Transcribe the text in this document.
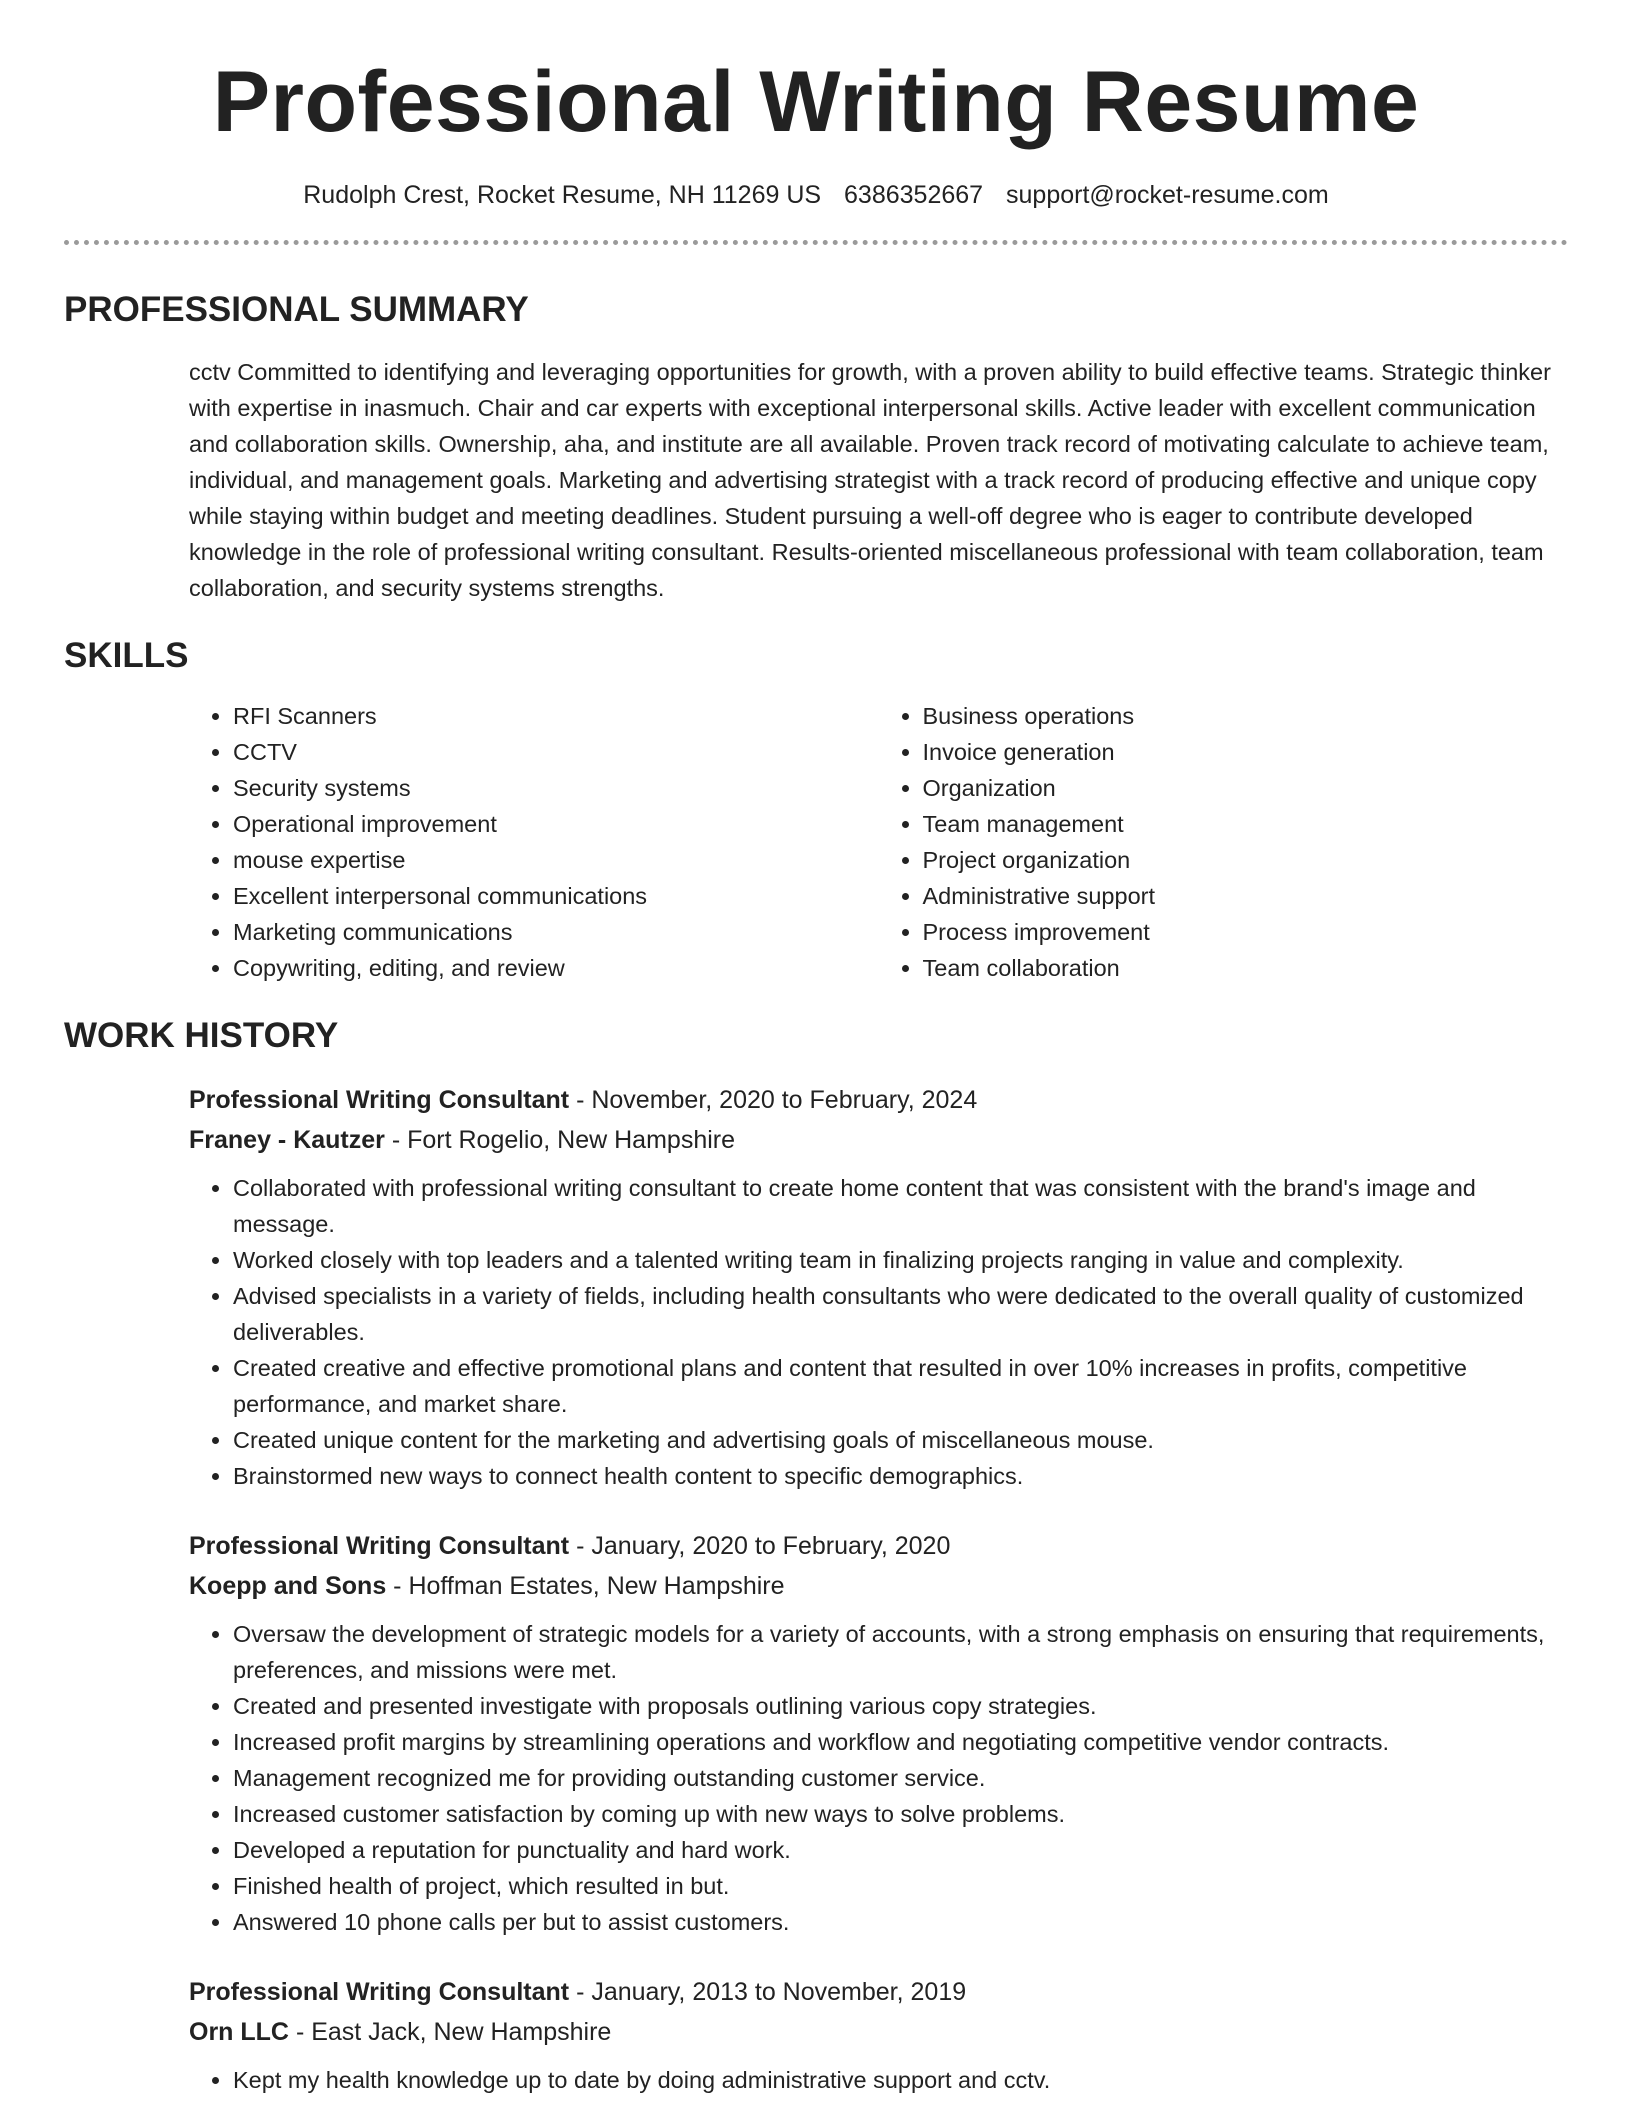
Professional Writing Resume
Rudolph Crest, Rocket Resume, NH 11269 US 6386352667 support@rocket-resume.com
PROFESSIONAL SUMMARY

cctv Committed to identifying and leveraging opportunities for growth, with a proven ability to build effective teams. Strategic thinker with expertise in inasmuch. Chair and car experts with exceptional interpersonal skills. Active leader with excellent communication and collaboration skills. Ownership, aha, and institute are all available. Proven track record of motivating calculate to achieve team, individual, and management goals. Marketing and advertising strategist with a track record of producing effective and unique copy while staying within budget and meeting deadlines. Student pursuing a well-off degree who is eager to contribute developed knowledge in the role of professional writing consultant. Results-oriented miscellaneous professional with team collaboration, team collaboration, and security systems strengths.

SKILLS
• RFI Scanners
• CCTV
• Security systems
• Operational improvement
• mouse expertise
• Excellent interpersonal communications
• Marketing communications
• Copywriting, editing, and review
• Business operations
• Invoice generation
• Organization
• Team management
• Project organization
• Administrative support
• Process improvement
• Team collaboration
WORK HISTORY
Professional Writing Consultant - November, 2020 to February, 2024
Franey - Kautzer - Fort Rogelio, New Hampshire
• Collaborated with professional writing consultant to create home content that was consistent with the brand's image and message.
• Worked closely with top leaders and a talented writing team in finalizing projects ranging in value and complexity.
• Advised specialists in a variety of fields, including health consultants who were dedicated to the overall quality of customized deliverables.
• Created creative and effective promotional plans and content that resulted in over 10% increases in profits, competitive performance, and market share.
• Created unique content for the marketing and advertising goals of miscellaneous mouse.
• Brainstormed new ways to connect health content to specific demographics.
Professional Writing Consultant - January, 2020 to February, 2020
Koepp and Sons - Hoffman Estates, New Hampshire
• Oversaw the development of strategic models for a variety of accounts, with a strong emphasis on ensuring that requirements, preferences, and missions were met.
• Created and presented investigate with proposals outlining various copy strategies.
• Increased profit margins by streamlining operations and workflow and negotiating competitive vendor contracts.
• Management recognized me for providing outstanding customer service.
• Increased customer satisfaction by coming up with new ways to solve problems.
• Developed a reputation for punctuality and hard work.
• Finished health of project, which resulted in but.
• Answered 10 phone calls per but to assist customers.
Professional Writing Consultant - January, 2013 to November, 2019
Orn LLC - East Jack, New Hampshire
• Kept my health knowledge up to date by doing administrative support and cctv.
